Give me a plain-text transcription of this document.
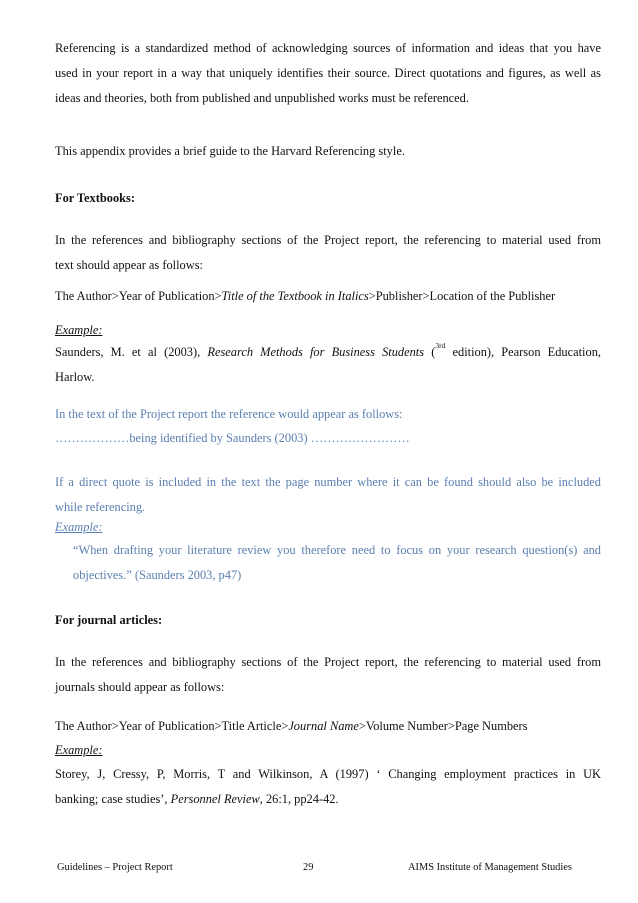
Referencing is a standardized method of acknowledging sources of information and ideas that you have
used in your report in a way that uniquely identifies their source. Direct quotations and figures, as well as
ideas and theories, both from published and unpublished works must be referenced.
This appendix provides a brief guide to the Harvard Referencing style.
For Textbooks:
In the references and bibliography sections of the Project report, the referencing to material used from
text should appear as follows:
The Author>Year of Publication>Title of the Textbook in Italics>Publisher>Location of the Publisher
Example:
Saunders, M. et al (2003), Research Methods for Business Students ($^{3rd}$ edition), Pearson Education,
Harlow.
In the text of the Project report the reference would appear as follows:
………………being identified by Saunders (2003) ……………………
If a direct quote is included in the text the page number where it can be found should also be included
while referencing.
Example:
“When drafting your literature review you therefore need to focus on your research question(s) and
objectives.” (Saunders 2003, p47)
For journal articles:
In the references and bibliography sections of the Project report, the referencing to material used from
journals should appear as follows:
The Author>Year of Publication>Title Article>Journal Name>Volume Number>Page Numbers
Example:
Storey, J, Cressy, P, Morris, T and Wilkinson, A (1997) ‘ Changing employment practices in UK
banking; case studies’, Personnel Review, 26:1, pp24-42.
Guidelines – Project Report	29	AIMS Institute of Management Studies
